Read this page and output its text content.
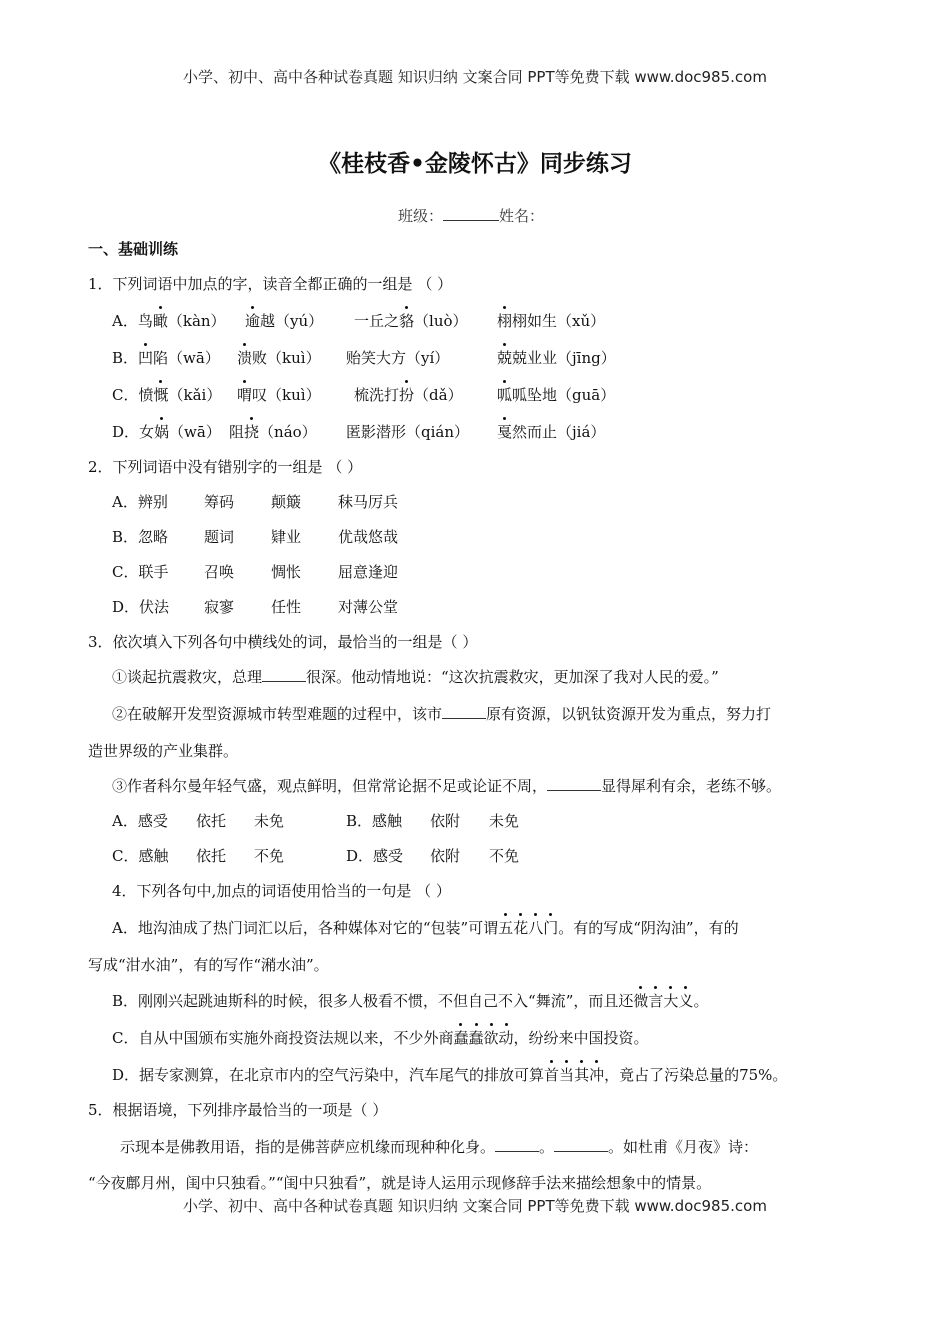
小学、初中、高中各种试卷真题 知识归纳 文案合同 PPT等免费下载 www.doc985.com
《桂枝香•金陵怀古》同步练习
班级：	姓名：
一、基础训练
1．下列词语中加点的字，读音全都正确的一组是 （ ）
A．鸟瞰（kàn） 逾越（yú） 一丘之貉（luò） 栩栩如生（xǔ）
B．凹陷（wā） 溃败（kuì） 贻笑大方（yí）	兢兢业业（jīng）
C．愤慨（kǎi） 喟叹（kuì） 梳洗打扮（dǎ） 呱呱坠地（guā）
D．女娲（wā） 阻挠（náo） 匿影潜形（qián） 戛然而止（jiá）
2．下列词语中没有错别字的一组是 （ ）
A．辨别 筹码 颠簸 秣马厉兵
B．忽略 题词 肄业 优哉悠哉
C．联手 召唤 惆怅 屈意逢迎
D．伏法 寂寥 任性 对薄公堂
3．依次填入下列各句中横线处的词，最恰当的一组是（ ）
①谈起抗震救灾，总理	很深。他动情地说：“这次抗震救灾，更加深了我对人民的爱。”
②在破解开发型资源城市转型难题的过程中，该市	原有资源，以钒钛资源开发为重点，努力打
造世界级的产业集群。
③作者科尔曼年轻气盛，观点鲜明，但常常论据不足或论证不周，	显得犀利有余，老练不够。
A．感受 依托 未免	B．感触 依附 未免
C．感触 依托 不免	D．感受 依附 不免
4．下列各句中,加点的词语使用恰当的一句是 （ ）
A．地沟油成了热门词汇以后，各种媒体对它的“包装”可谓五花八门。有的写成“阴沟油”，有的
写成“泔水油”，有的写作“潲水油”。
B．刚刚兴起跳迪斯科的时候，很多人极看不惯，不但自己不入“舞流”，而且还微言大义。
C．自从中国颁布实施外商投资法规以来，不少外商蠢蠢欲动，纷纷来中国投资。
D．据专家测算，在北京市内的空气污染中，汽车尾气的排放可算首当其冲，竟占了污染总量的75%。
5．根据语境，下列排序最恰当的一项是（ ）
示现本是佛教用语，指的是佛菩萨应机缘而现种种化身。	。	。如杜甫《月夜》诗：
“今夜鄜月州，闺中只独看。”“闺中只独看”，就是诗人运用示现修辞手法来描绘想象中的情景。
小学、初中、高中各种试卷真题 知识归纳 文案合同 PPT等免费下载 www.doc985.com
